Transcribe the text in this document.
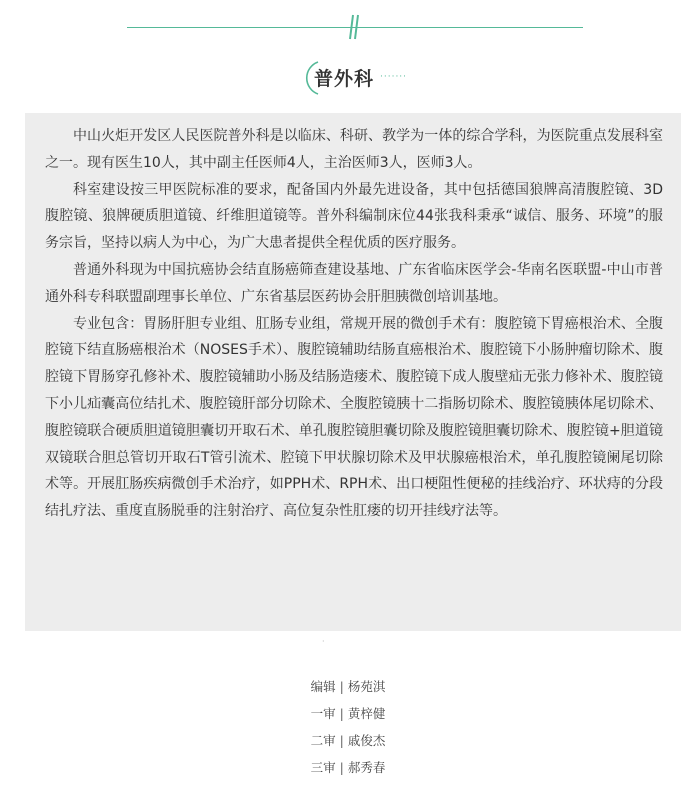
普外科 ·······

中山火炬开发区人民医院普外科是以临床、科研、教学为一体的综合学科，为医院重点发展科室之一。现有医生10人，其中副主任医师4人，主治医师3人，医师3人。

科室建设按三甲医院标准的要求，配备国内外最先进设备，其中包括德国狼牌高清腹腔镜、3D腹腔镜、狼牌硬质胆道镜、纤维胆道镜等。普外科编制床位44张我科秉承“诚信、服务、环境”的服务宗旨，坚持以病人为中心，为广大患者提供全程优质的医疗服务。

普通外科现为中国抗癌协会结直肠癌筛查建设基地、广东省临床医学会-华南名医联盟-中山市普通外科专科联盟副理事长单位、广东省基层医药协会肝胆胰微创培训基地。

专业包含：胃肠肝胆专业组、肛肠专业组，常规开展的微创手术有：腹腔镜下胃癌根治术、全腹腔镜下结直肠癌根治术（NOSES手术）、腹腔镜辅助结肠直癌根治术、腹腔镜下小肠肿瘤切除术、腹腔镜下胃肠穿孔修补术、腹腔镜辅助小肠及结肠造瘘术、腹腔镜下成人腹壁疝无张力修补术、腹腔镜下小儿疝囊高位结扎术、腹腔镜肝部分切除术、全腹腔镜胰十二指肠切除术、腹腔镜胰体尾切除术、腹腔镜联合硬质胆道镜胆囊切开取石术、单孔腹腔镜胆囊切除及腹腔镜胆囊切除术、腹腔镜+胆道镜双镜联合胆总管切开取石T管引流术、腔镜下甲状腺切除术及甲状腺癌根治术，单孔腹腔镜阑尾切除术等。开展肛肠疾病微创手术治疗，如PPH术、RPH术、出口梗阻性便秘的挂线治疗、环状痔的分段结扎疗法、重度直肠脱垂的注射治疗、高位复杂性肛瘘的切开挂线疗法等。

·
编辑 | 杨苑淇
一审 | 黄梓健
二审 | 戚俊杰
三审 | 郝秀春
